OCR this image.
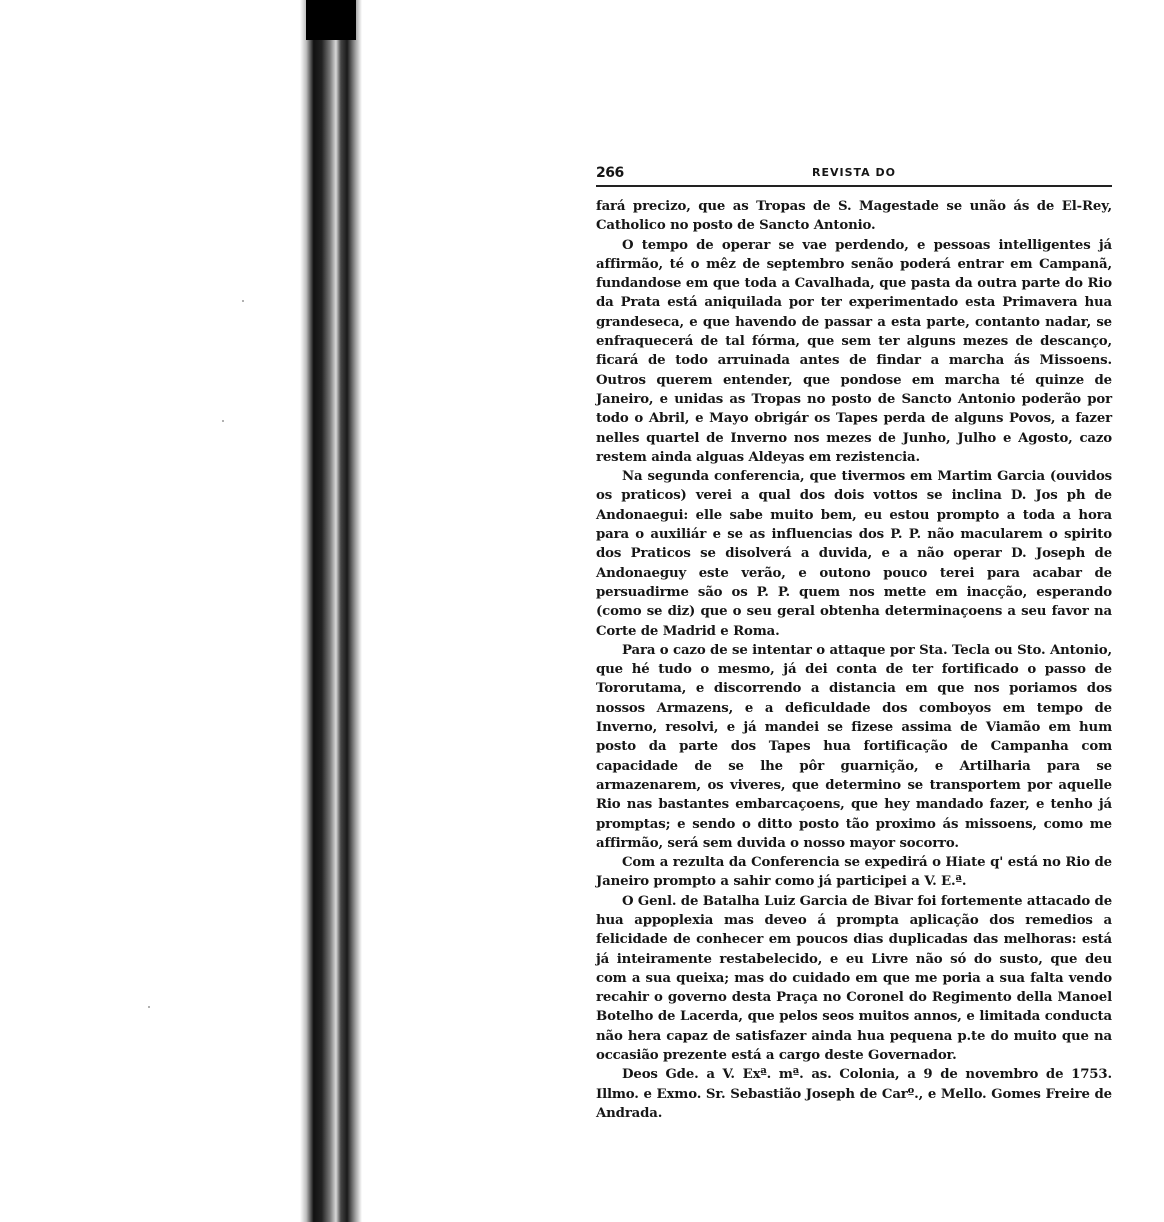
266	REVISTA DO

fará precizo, que as Tropas de S. Magestade se unão ás de El-Rey, Catholico no posto de Sancto Antonio.

O tempo de operar se vae perdendo, e pessoas intelligentes já affirmão, té o mêz de septembro senão poderá entrar em Campanã, fundandose em que toda a Cavalhada, que pasta da outra parte do Rio da Prata está aniquilada por ter experimentado esta Primavera hua grandeseca, e que havendo de passar a esta parte, contanto nadar, se enfraquecerá de tal fórma, que sem ter alguns mezes de descanço, ficará de todo arruinada antes de findar a marcha ás Missoens. Outros querem entender, que pondose em marcha té quinze de Janeiro, e unidas as Tropas no posto de Sancto Antonio poderão por todo o Abril, e Mayo obrigár os Tapes perda de alguns Povos, a fazer nelles quartel de Inverno nos mezes de Junho, Julho e Agosto, cazo restem ainda alguas Aldeyas em rezistencia.

Na segunda conferencia, que tivermos em Martim Garcia (ouvidos os praticos) verei a qual dos dois vottos se inclina D. Jos ph de Andonaegui: elle sabe muito bem, eu estou prompto a toda a hora para o auxiliár e se as influencias dos P. P. não macularem o spirito dos Praticos se disolverá a duvida, e a não operar D. Joseph de Andonaeguy este verão, e outono pouco terei para acabar de persuadirme são os P. P. quem nos mette em inacção, esperando (como se diz) que o seu geral obtenha determinaçoens a seu favor na Corte de Madrid e Roma.

Para o cazo de se intentar o attaque por Sta. Tecla ou Sto. Antonio, que hé tudo o mesmo, já dei conta de ter fortificado o passo de Tororutama, e discorrendo a distancia em que nos poriamos dos nossos Armazens, e a deficuldade dos comboyos em tempo de Inverno, resolvi, e já mandei se fizese assima de Viamão em hum posto da parte dos Tapes hua fortificação de Campanha com capacidade de se lhe pôr guarnição, e Artilharia para se armazenarem, os viveres, que determino se transportem por aquelle Rio nas bastantes embarcaçoens, que hey mandado fazer, e tenho já promptas; e sendo o ditto posto tão proximo ás missoens, como me affirmão, será sem duvida o nosso mayor socorro.

Com a rezulta da Conferencia se expedirá o Hiate q' está no Rio de Janeiro prompto a sahir como já participei a V. E.ª.

O Genl. de Batalha Luiz Garcia de Bivar foi fortemente attacado de hua appoplexia mas deveo á prompta aplicação dos remedios a felicidade de conhecer em poucos dias duplicadas das melhoras: está já inteiramente restabelecido, e eu Livre não só do susto, que deu com a sua queixa; mas do cuidado em que me poria a sua falta vendo recahir o governo desta Praça no Coronel do Regimento della Manoel Botelho de Lacerda, que pelos seos muitos annos, e limitada conducta não hera capaz de satisfazer ainda hua pequena p.te do muito que na occasião prezente está a cargo deste Governador.

Deos Gde. a V. Exª. mª. as. Colonia, a 9 de novembro de 1753. Illmo. e Exmo. Sr. Sebastião Joseph de Carº., e Mello. Gomes Freire de Andrada.
